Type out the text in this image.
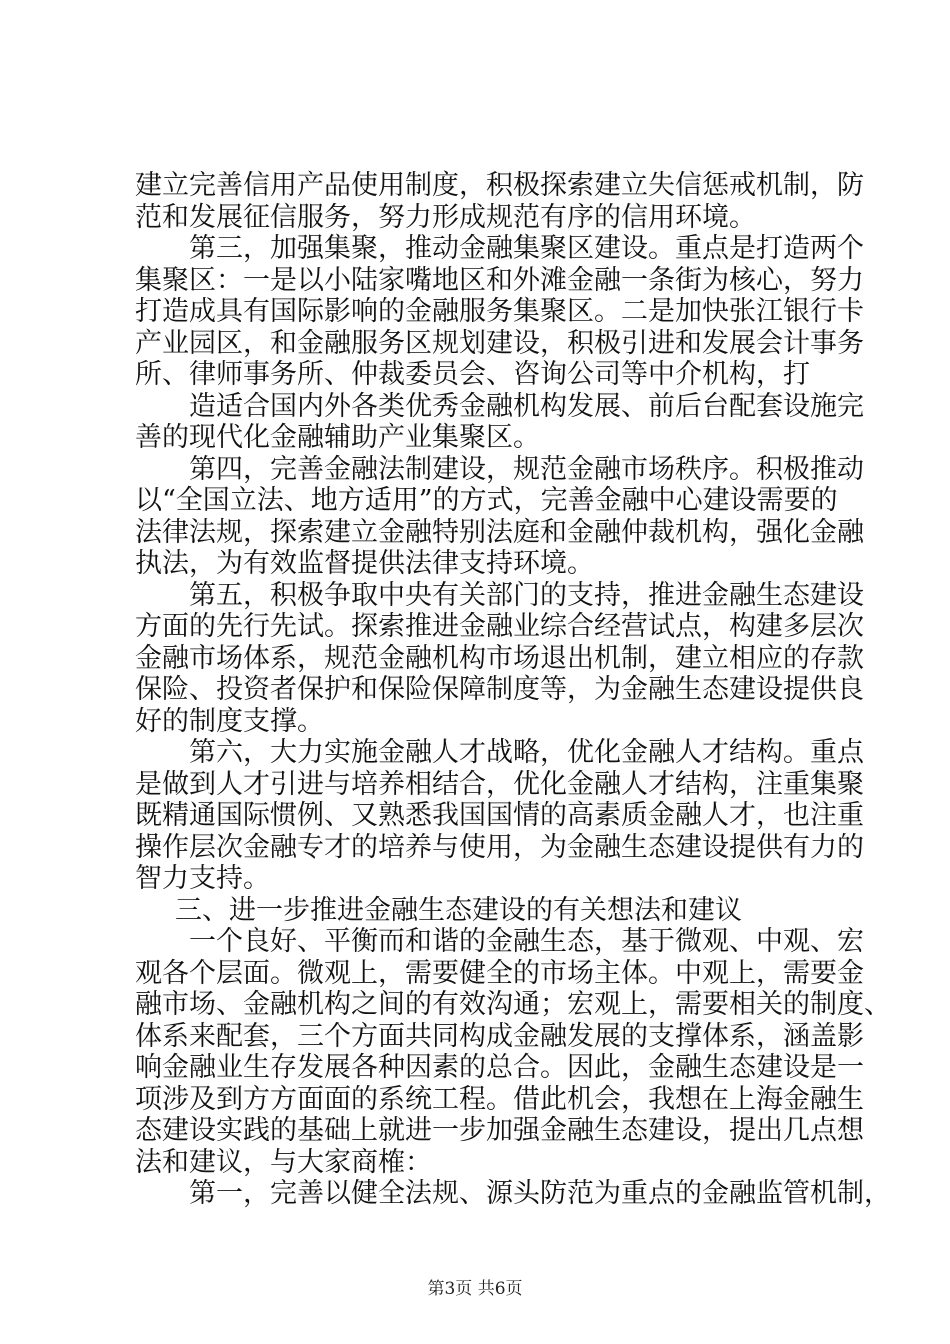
建立完善信用产品使用制度，积极探索建立失信惩戒机制，防
范和发展征信服务，努力形成规范有序的信用环境。
第三，加强集聚，推动金融集聚区建设。重点是打造两个
集聚区：一是以小陆家嘴地区和外滩金融一条街为核心，努力
打造成具有国际影响的金融服务集聚区。二是加快张江银行卡
产业园区，和金融服务区规划建设，积极引进和发展会计事务
所、律师事务所、仲裁委员会、咨询公司等中介机构，打
造适合国内外各类优秀金融机构发展、前后台配套设施完
善的现代化金融辅助产业集聚区。
第四，完善金融法制建设，规范金融市场秩序。积极推动
以“全国立法、地方适用”的方式，完善金融中心建设需要的
法律法规，探索建立金融特别法庭和金融仲裁机构，强化金融
执法，为有效监督提供法律支持环境。
第五，积极争取中央有关部门的支持，推进金融生态建设
方面的先行先试。探索推进金融业综合经营试点，构建多层次
金融市场体系，规范金融机构市场退出机制，建立相应的存款
保险、投资者保护和保险保障制度等，为金融生态建设提供良
好的制度支撑。
第六，大力实施金融人才战略，优化金融人才结构。重点
是做到人才引进与培养相结合，优化金融人才结构，注重集聚
既精通国际惯例、又熟悉我国国情的高素质金融人才，也注重
操作层次金融专才的培养与使用，为金融生态建设提供有力的
智力支持。
三、进一步推进金融生态建设的有关想法和建议
一个良好、平衡而和谐的金融生态，基于微观、中观、宏
观各个层面。微观上，需要健全的市场主体。中观上，需要金
融市场、金融机构之间的有效沟通；宏观上，需要相关的制度、
体系来配套，三个方面共同构成金融发展的支撑体系，涵盖影
响金融业生存发展各种因素的总合。因此，金融生态建设是一
项涉及到方方面面的系统工程。借此机会，我想在上海金融生
态建设实践的基础上就进一步加强金融生态建设，提出几点想
法和建议，与大家商榷：
第一，完善以健全法规、源头防范为重点的金融监管机制，
第3页 共6页
